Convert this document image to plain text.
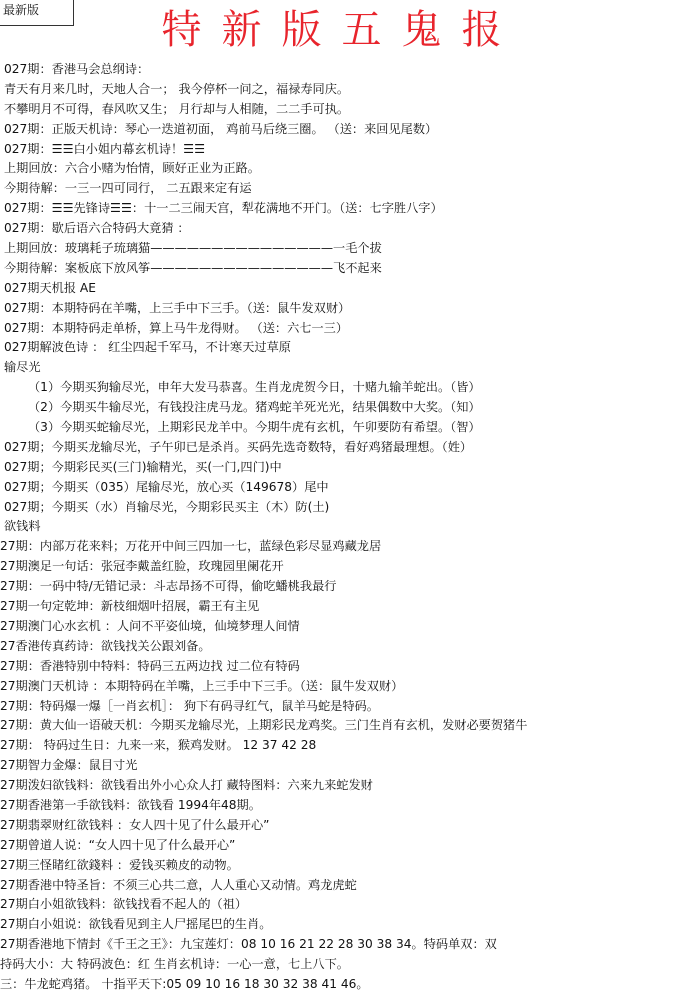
最新版	特新版五鬼报
027期：香港马会总纲诗：
青天有月来几时，天地人合一； 我今停杯一问之，福禄寿同庆。
不攀明月不可得，春风吹又生； 月行却与人相随，二二手可执。
027期：正版天机诗：琴心一迭道初面， 鸡前马后绕三圈。 （送：来回见尾数）
027期：☰☰白小姐内幕玄机诗！☰☰
上期回放：六合小赌为怡情，顾好正业为正路。
今期待解：一三一四可同行， 二五跟来定有运
027期：☰☰先锋诗☰☰：十一二三闹天宫，犁花满地不开门。（送：七字胜八字）
027期：歇后语六合特码大竟猜 ：
上期回放：玻璃耗子琉璃猫———————————————一毛个拔
今期待解：案板底下放风筝———————————————飞不起来
027期天机报 AE
027期：本期特码在羊嘴，上三手中下三手。（送：鼠牛发双财）
027期：本期特码走单桥，算上马牛龙得财。 （送：六七一三）
027期解波色诗 ： 红尘四起千军马，不计寒天过草原
输尽光
（1）今期买狗输尽光，申年大发马恭喜。生肖龙虎贺今日，十赌九输羊蛇出。（皆）
（2）今期买牛输尽光，有钱投注虎马龙。猪鸡蛇羊死光光，结果偶数中大奖。（知）
（3）今期买蛇输尽光，上期彩民龙羊中。今期牛虎有玄机，午卯要防有希望。（智）
027期；今期买龙输尽光，子午卯已是杀肖。买码先选奇数特，看好鸡猪最理想。（姓）
027期；今期彩民买(三门)输精光，买(一门,四门)中
027期；今期买（035）尾输尽光，放心买（149678）尾中
027期；今期买（水）肖输尽光，今期彩民买主（木）防(土)
欲钱料
27期：内部万花来料；万花开中间三四加一七，蓝绿色彩尽显鸡藏龙居
27期澳足一句话：张冠李戴盖红脸，玫瑰园里阑花开
27期：一码中特/无错记录：斗志昂扬不可得，偷吃蟠桃我最行
27期一句定乾坤：新枝细烟叶招展，霸王有主见
27期澳门心水玄机 ：人问不平姿仙境，仙境梦理人间情
27香港传真药诗：欲钱找关公跟刘备。
27期：香港特别中特料：特码三五两边找 过二位有特码
27期澳门天机诗 ：本期特码在羊嘴，上三手中下三手。（送：鼠牛发双财）
27期：特码爆一爆［一肖玄机］： 狗下有码寻红气，鼠羊马蛇是特码。
27期：黄大仙一语破天机：今期买龙输尽光，上期彩民龙鸡奖。三门生肖有玄机，发财必要贺猪牛
27期： 特码过生日：九来一来，猴鸡发财。 12 37 42 28
27期智力金爆：鼠目寸光
27期泼妇欲钱料：欲钱看出外小心众人打 藏特图料：六来九来蛇发财
27期香港第一手欲钱料：欲钱看 1994年48期。
27期翡翠财红欲钱料 ：女人四十见了什么最开心”
27期曾道人说：“女人四十见了什么最开心”
27期三怪睹红欲錢料 ：爱钱买赖皮的动物。
27期香港中特圣旨：不须三心共二意，人人重心又动情。鸡龙虎蛇
27期白小姐欲钱料：欲钱找看不起人的（祖）
27期白小姐说：欲钱看见到主人尸摇尾巴的生肖。
27期香港地下情封《千王之王》：九宝莲灯：08 10 16 21 22 28 30 38 34。特码单双：双
持码大小：大 特码波色：红 生肖玄机诗：一心一意，七上八下。
三：牛龙蛇鸡猪。 十指平天下:05 09 10 16 18 30 32 38 41 46。
